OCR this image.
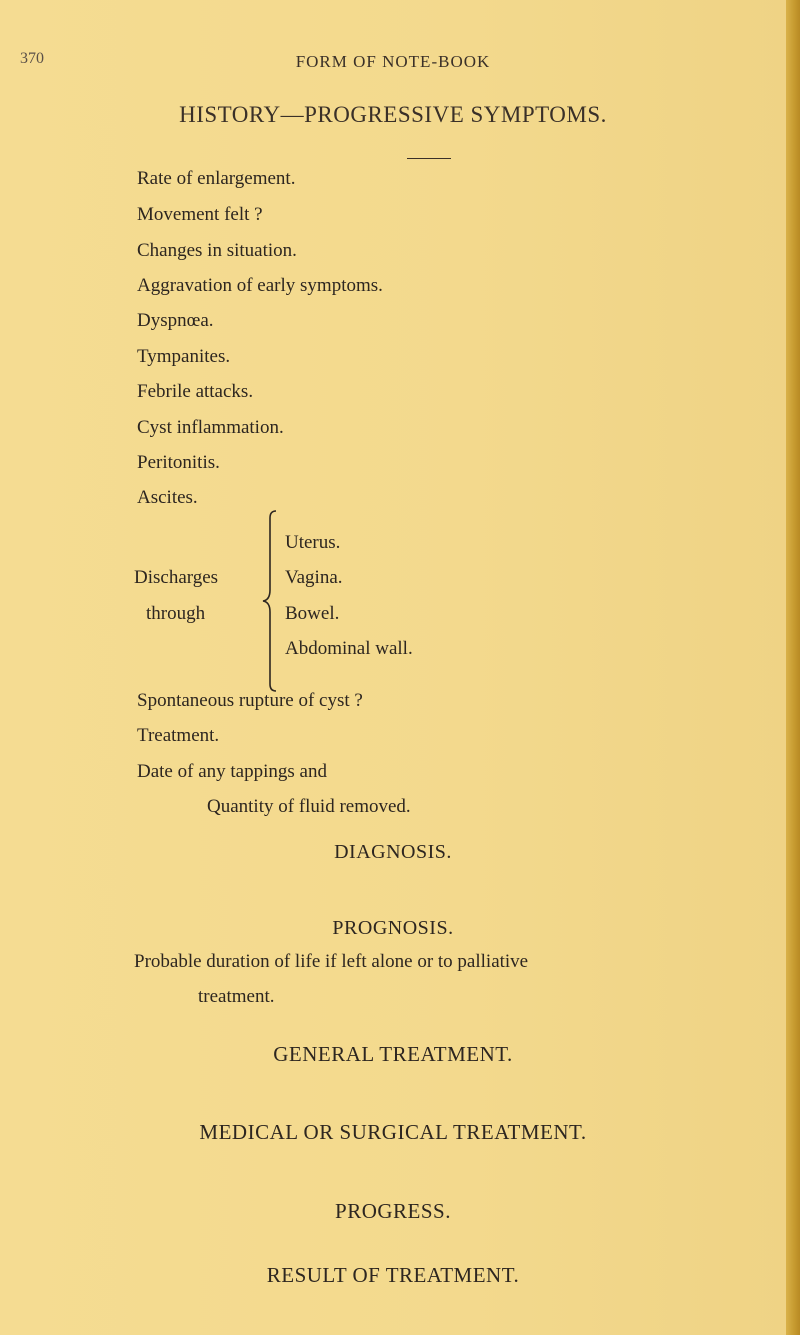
370	FORM OF NOTE-BOOK
HISTORY—PROGRESSIVE SYMPTOMS.
Rate of enlargement.
Movement felt ?
Changes in situation.
Aggravation of early symptoms.
Dyspnœa.
Tympanites.
Febrile attacks.
Cyst inflammation.
Peritonitis.
Ascites.
Discharges
through
Uterus.
Vagina.
Bowel.
Abdominal wall.
Spontaneous rupture of cyst ?
Treatment.
Date of any tappings and
Quantity of fluid removed.
DIAGNOSIS.
PROGNOSIS.
Probable duration of life if left alone or to palliative
treatment.
GENERAL TREATMENT.
MEDICAL OR SURGICAL TREATMENT.
PROGRESS.
RESULT OF TREATMENT.
